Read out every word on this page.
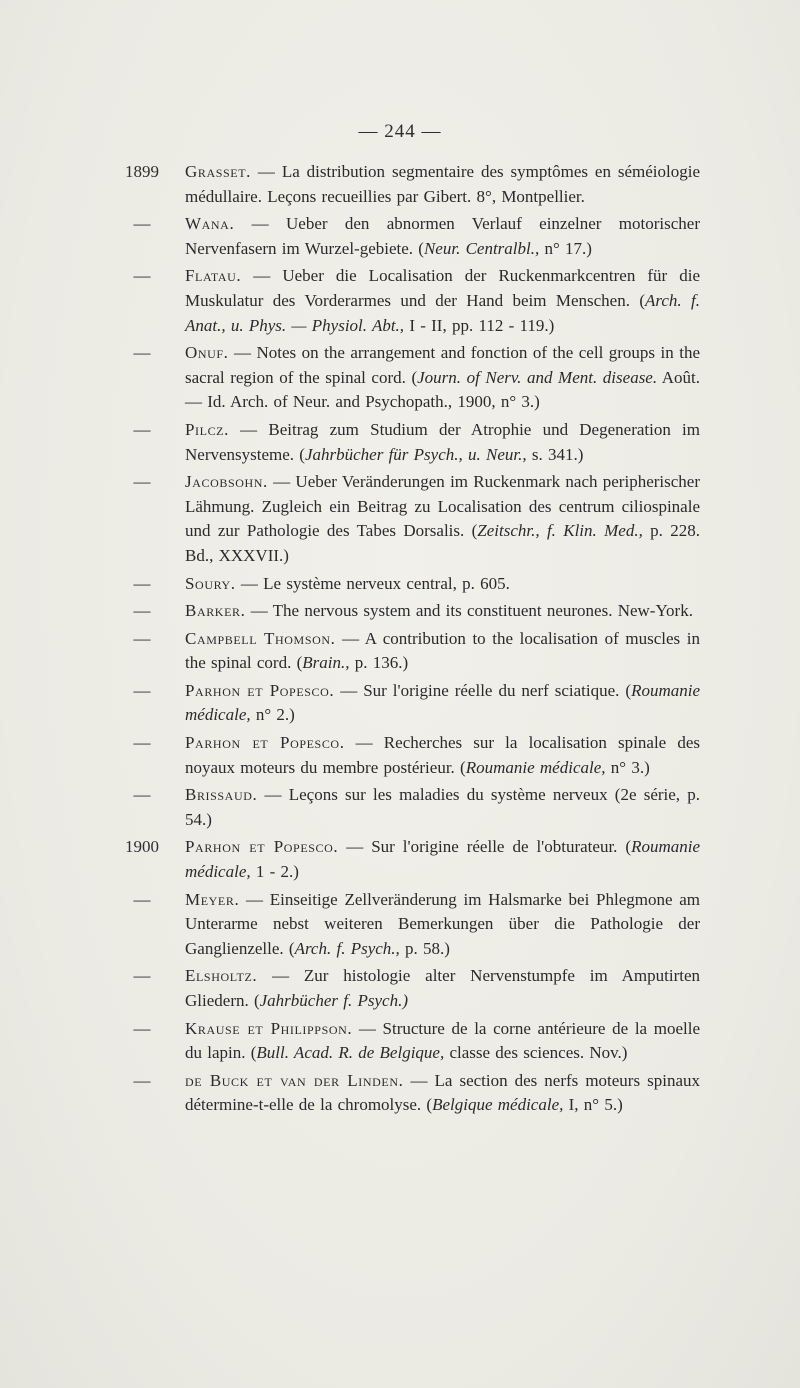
— 244 —
1899	Grasset. — La distribution segmentaire des symptômes en séméiologie médullaire. Leçons recueillies par Gibert. 8°, Montpellier.
—	Wana. — Ueber den abnormen Verlauf einzelner motorischer Nervenfasern im Wurzel-gebiete. (Neur. Centralbl., n° 17.)
—	Flatau. — Ueber die Localisation der Ruckenmarkcentren für die Muskulatur des Vorderarmes und der Hand beim Menschen. (Arch. f. Anat., u. Phys. — Physiol. Abt., I - II, pp. 112 - 119.)
—	Onuf. — Notes on the arrangement and fonction of the cell groups in the sacral region of the spinal cord. (Journ. of Nerv. and Ment. disease. Août. — Id. Arch. of Neur. and Psychopath., 1900, n° 3.)
—	Pilcz. — Beitrag zum Studium der Atrophie und Degeneration im Nervensysteme. (Jahrbücher für Psych., u. Neur., s. 341.)
—	Jacobsohn. — Ueber Veränderungen im Ruckenmark nach peripherischer Lähmung. Zugleich ein Beitrag zu Localisation des centrum ciliospinale und zur Pathologie des Tabes Dorsalis. (Zeitschr., f. Klin. Med., p. 228. Bd., XXXVII.)
—	Soury. — Le système nerveux central, p. 605.
—	Barker. — The nervous system and its constituent neurones. New-York.
—	Campbell Thomson. — A contribution to the localisation of muscles in the spinal cord. (Brain., p. 136.)
—	Parhon et Popesco. — Sur l'origine réelle du nerf sciatique. (Roumanie médicale, n° 2.)
—	Parhon et Popesco. — Recherches sur la localisation spinale des noyaux moteurs du membre postérieur. (Roumanie médicale, n° 3.)
—	Brissaud. — Leçons sur les maladies du système nerveux (2e série, p. 54.)
1900	Parhon et Popesco. — Sur l'origine réelle de l'obturateur. (Roumanie médicale, 1 - 2.)
—	Meyer. — Einseitige Zellveränderung im Halsmarke bei Phlegmone am Unterarme nebst weiteren Bemerkungen über die Pathologie der Ganglienzelle. (Arch. f. Psych., p. 58.)
—	Elsholtz. — Zur histologie alter Nervenstumpfe im Amputirten Gliedern. (Jahrbücher f. Psych.)
—	Krause et Philippson. — Structure de la corne antérieure de la moelle du lapin. (Bull. Acad. R. de Belgique, classe des sciences. Nov.)
—	de Buck et van der Linden. — La section des nerfs moteurs spinaux détermine-t-elle de la chromolyse. (Belgique médicale, I, n° 5.)
